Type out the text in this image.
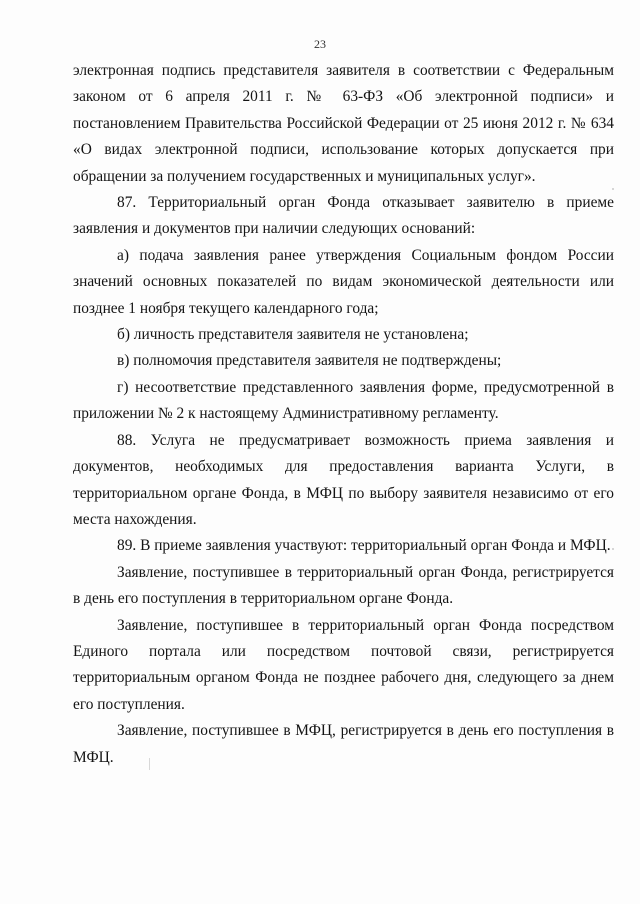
23

электронная подпись представителя заявителя в соответствии с Федеральным законом от 6 апреля 2011 г. № 63-ФЗ «Об электронной подписи» и постановлением Правительства Российской Федерации от 25 июня 2012 г. № 634 «О видах электронной подписи, использование которых допускается при обращении за получением государственных и муниципальных услуг».

87. Территориальный орган Фонда отказывает заявителю в приеме заявления и документов при наличии следующих оснований:

а) подача заявления ранее утверждения Социальным фондом России значений основных показателей по видам экономической деятельности или позднее 1 ноября текущего календарного года;

б) личность представителя заявителя не установлена;

в) полномочия представителя заявителя не подтверждены;

г) несоответствие представленного заявления форме, предусмотренной в приложении № 2 к настоящему Административному регламенту.

88. Услуга не предусматривает возможность приема заявления и документов, необходимых для предоставления варианта Услуги, в территориальном органе Фонда, в МФЦ по выбору заявителя независимо от его места нахождения.

89. В приеме заявления участвуют: территориальный орган Фонда и МФЦ.

Заявление, поступившее в территориальный орган Фонда, регистрируется в день его поступления в территориальном органе Фонда.

Заявление, поступившее в территориальный орган Фонда посредством Единого портала или посредством почтовой связи, регистрируется территориальным органом Фонда не позднее рабочего дня, следующего за днем его поступления.

Заявление, поступившее в МФЦ, регистрируется в день его поступления в МФЦ.
